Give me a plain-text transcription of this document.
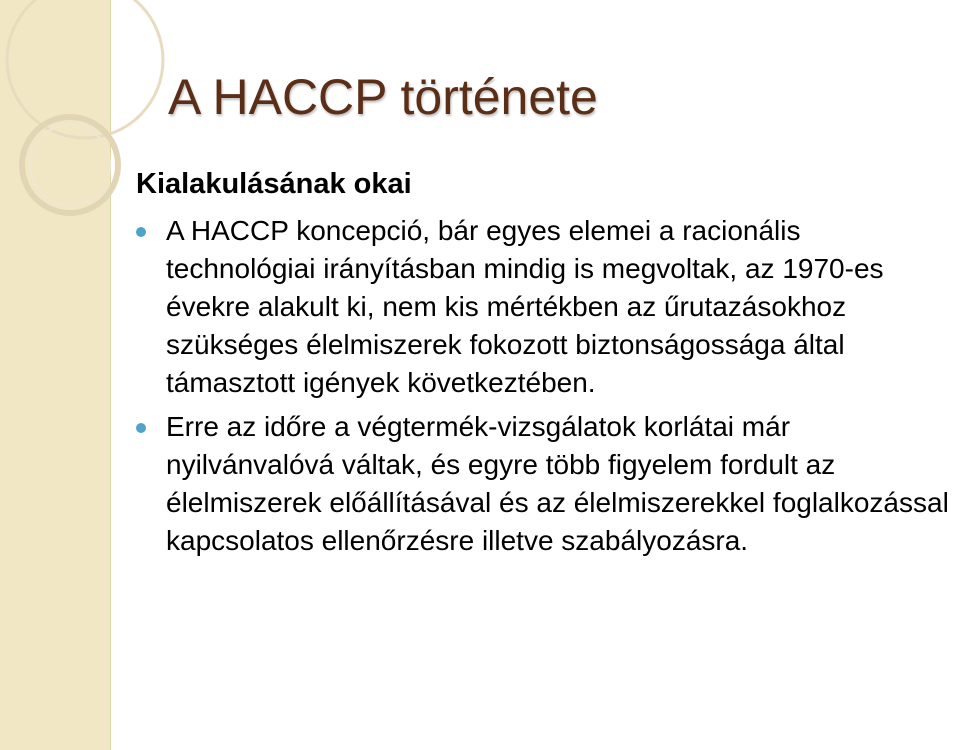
A HACCP története
Kialakulásának okai
A HACCP koncepció, bár egyes elemei a racionális technológiai irányításban mindig is megvoltak, az 1970-es évekre alakult ki, nem kis mértékben az űrutazásokhoz szükséges élelmiszerek fokozott biztonságossága által támasztott igények következtében.
Erre az időre a végtermék-vizsgálatok korlátai már nyilvánvalóvá váltak, és egyre több figyelem fordult az élelmiszerek előállításával és az élelmiszerekkel foglalkozással kapcsolatos ellenőrzésre illetve szabályozásra.
